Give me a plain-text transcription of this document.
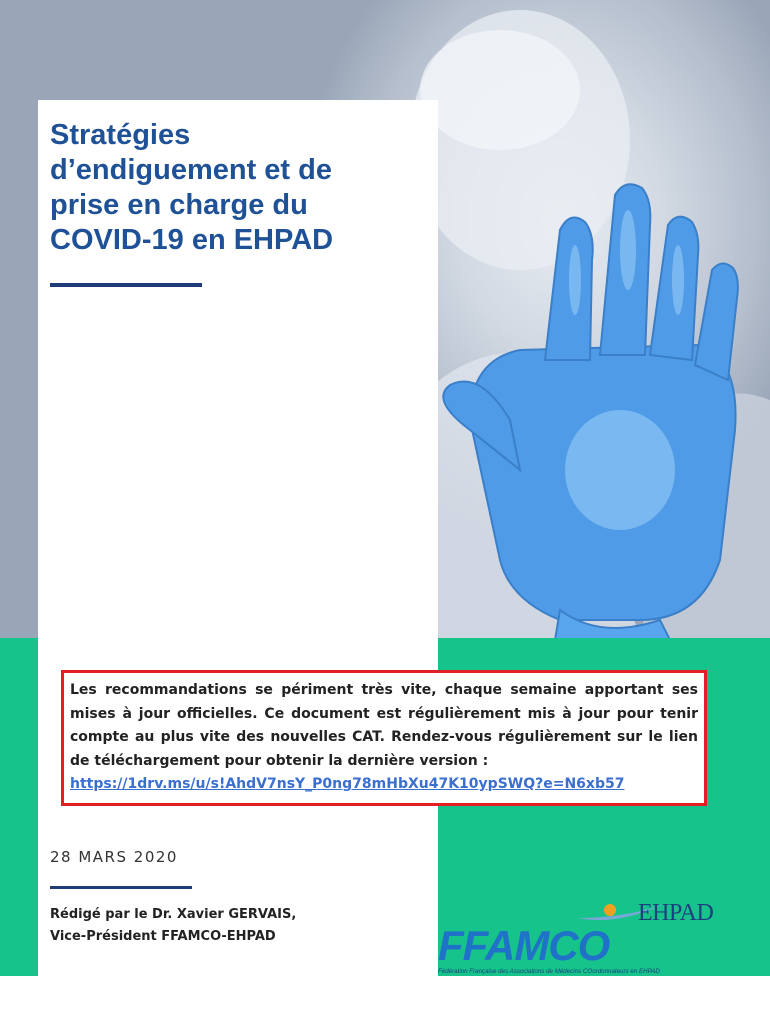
Stratégies
d’endiguement et de
prise en charge du
COVID-19 en EHPAD

Les recommandations se périment très vite, chaque semaine apportant ses mises à jour officielles. Ce document est régulièrement mis à jour pour tenir compte au plus vite des nouvelles CAT. Rendez-vous régulièrement sur le lien de téléchargement pour obtenir la dernière version :

https://1drv.ms/u/s!AhdV7nsY_P0ng78mHbXu47K10ypSWQ?e=N6xb57
28 MARS 2020
Rédigé par le Dr. Xavier GERVAIS,
Vice-Président FFAMCO-EHPAD
EHPAD
FFAMCO
Fédération Française des Associations de Médecins COordonnateurs en EHPAD
